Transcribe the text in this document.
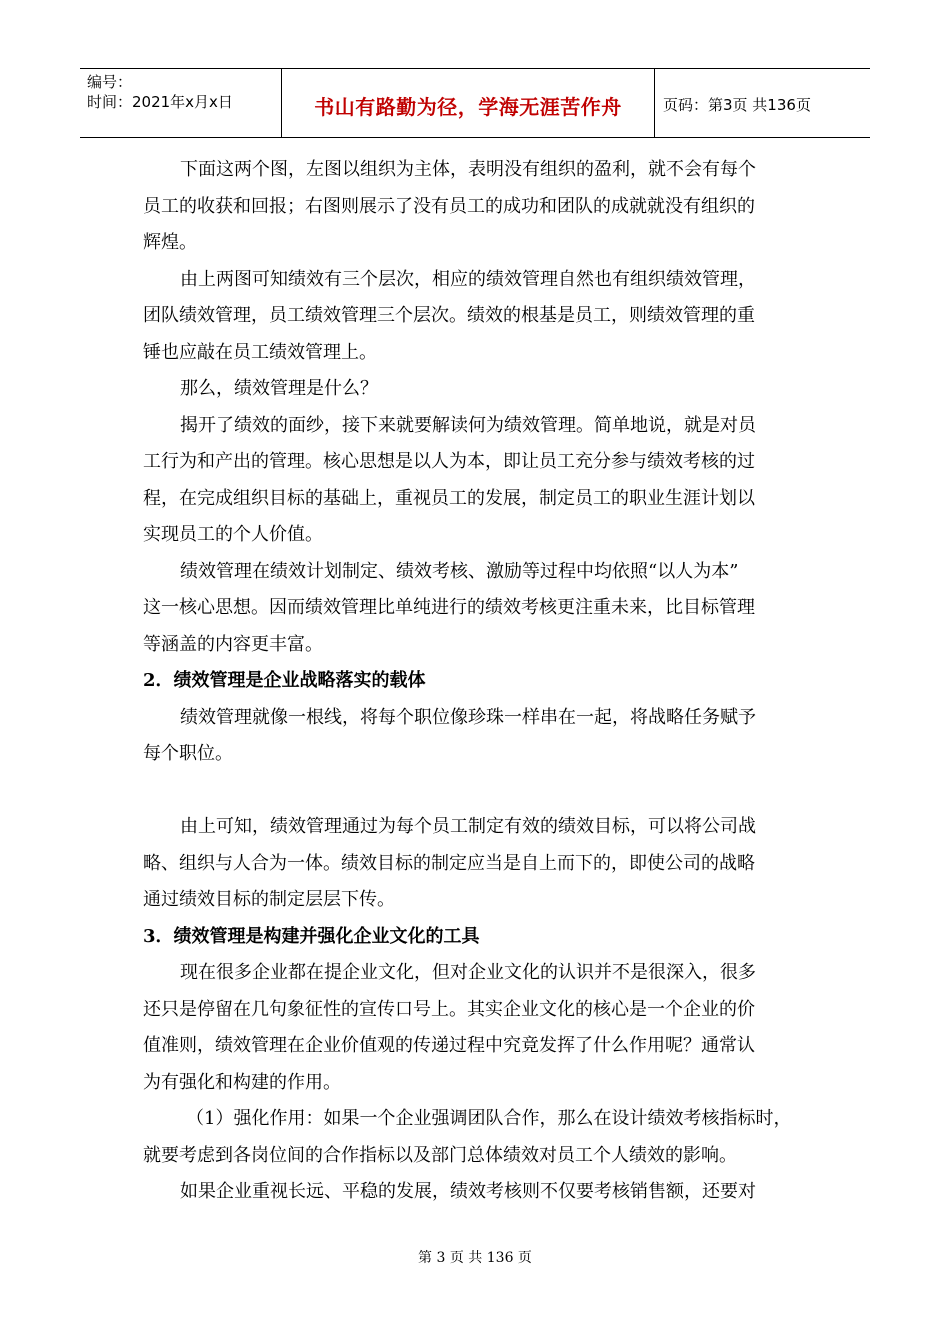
编号：
时间：2021年x月x日	书山有路勤为径，学海无涯苦作舟	页码：第3页 共136页

下面这两个图，左图以组织为主体，表明没有组织的盈利，就不会有每个

员工的收获和回报；右图则展示了没有员工的成功和团队的成就就没有组织的

辉煌。

由上两图可知绩效有三个层次，相应的绩效管理自然也有组织绩效管理，

团队绩效管理，员工绩效管理三个层次。绩效的根基是员工，则绩效管理的重

锤也应敲在员工绩效管理上。

那么，绩效管理是什么？

揭开了绩效的面纱，接下来就要解读何为绩效管理。简单地说，就是对员

工行为和产出的管理。核心思想是以人为本，即让员工充分参与绩效考核的过

程，在完成组织目标的基础上，重视员工的发展，制定员工的职业生涯计划以

实现员工的个人价值。

绩效管理在绩效计划制定、绩效考核、激励等过程中均依照“以人为本”

这一核心思想。因而绩效管理比单纯进行的绩效考核更注重未来，比目标管理

等涵盖的内容更丰富。

2．绩效管理是企业战略落实的载体

绩效管理就像一根线，将每个职位像珍珠一样串在一起，将战略任务赋予

每个职位。

由上可知，绩效管理通过为每个员工制定有效的绩效目标，可以将公司战

略、组织与人合为一体。绩效目标的制定应当是自上而下的，即使公司的战略

通过绩效目标的制定层层下传。

3．绩效管理是构建并强化企业文化的工具

现在很多企业都在提企业文化，但对企业文化的认识并不是很深入，很多

还只是停留在几句象征性的宣传口号上。其实企业文化的核心是一个企业的价

值准则，绩效管理在企业价值观的传递过程中究竟发挥了什么作用呢？通常认

为有强化和构建的作用。

（1）强化作用：如果一个企业强调团队合作，那么在设计绩效考核指标时，

就要考虑到各岗位间的合作指标以及部门总体绩效对员工个人绩效的影响。

如果企业重视长远、平稳的发展，绩效考核则不仅要考核销售额，还要对

第 3 页 共 136 页
